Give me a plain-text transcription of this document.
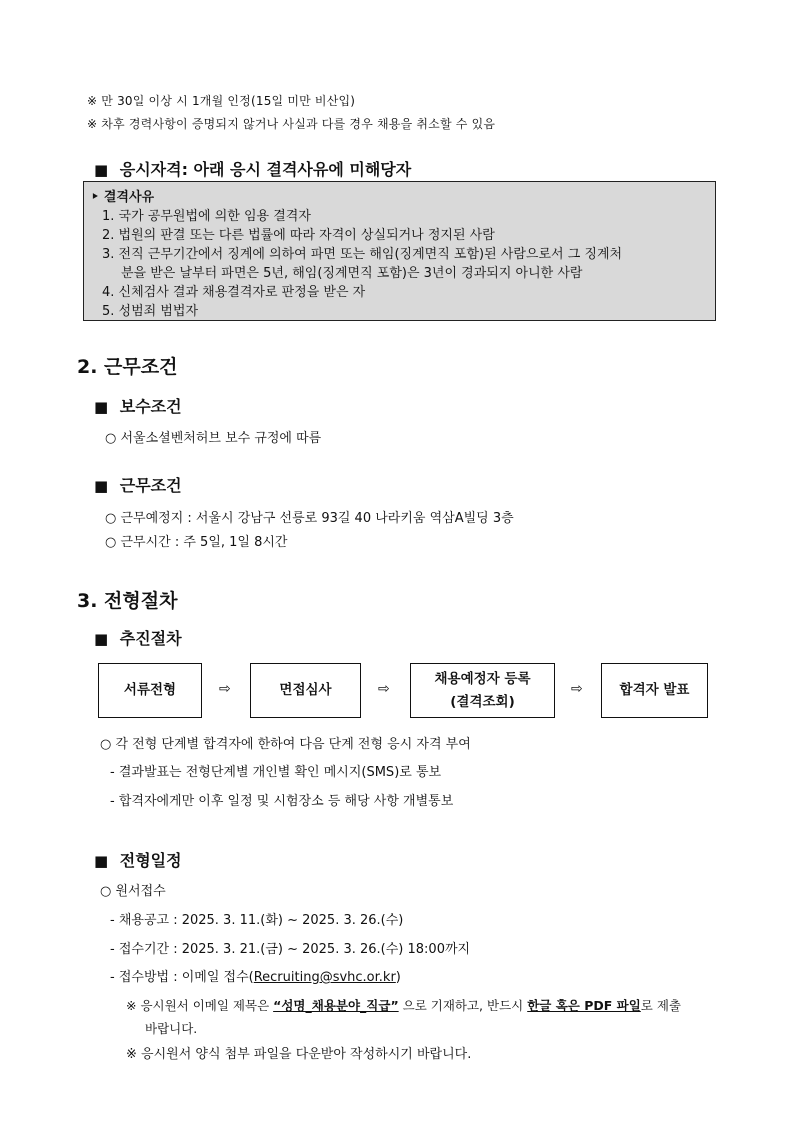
※ 만 30일 이상 시 1개월 인정(15일 미만 비산입)
※ 차후 경력사항이 증명되지 않거나 사실과 다를 경우 채용을 취소할 수 있음
■ 응시자격: 아래 응시 결격사유에 미해당자
‣ 결격사유
1. 국가 공무원법에 의한 임용 결격자
2. 법원의 판결 또는 다른 법률에 따라 자격이 상실되거나 정지된 사람
3. 전직 근무기간에서 징계에 의하여 파면 또는 해임(징계면직 포함)된 사람으로서 그 징계처
분을 받은 날부터 파면은 5년, 해임(징계면직 포함)은 3년이 경과되지 아니한 사람
4. 신체검사 결과 채용결격자로 판정을 받은 자
5. 성범죄 범법자
2. 근무조건
■ 보수조건
○ 서울소셜벤처허브 보수 규정에 따름
■ 근무조건
○ 근무예정지 : 서울시 강남구 선릉로 93길 40 나라키움 역삼A빌딩 3층
○ 근무시간 : 주 5일, 1일 8시간
3. 전형절차
■ 추진절차
서류전형	⇨	면접심사	⇨
채용예정자 등록
(결격조회)
⇨	합격자 발표
○ 각 전형 단계별 합격자에 한하여 다음 단계 전형 응시 자격 부여
- 결과발표는 전형단계별 개인별 확인 메시지(SMS)로 통보
- 합격자에게만 이후 일정 및 시험장소 등 해당 사항 개별통보
■ 전형일정
○ 원서접수
- 채용공고 : 2025. 3. 11.(화) ~ 2025. 3. 26.(수)
- 접수기간 : 2025. 3. 21.(금) ~ 2025. 3. 26.(수) 18:00까지
- 접수방법 : 이메일 접수(Recruiting@svhc.or.kr)
※ 응시원서 이메일 제목은 “성명_채용분야_직급” 으로 기재하고, 반드시 한글 혹은 PDF 파일로 제출
바랍니다.
※ 응시원서 양식 첨부 파일을 다운받아 작성하시기 바랍니다.
